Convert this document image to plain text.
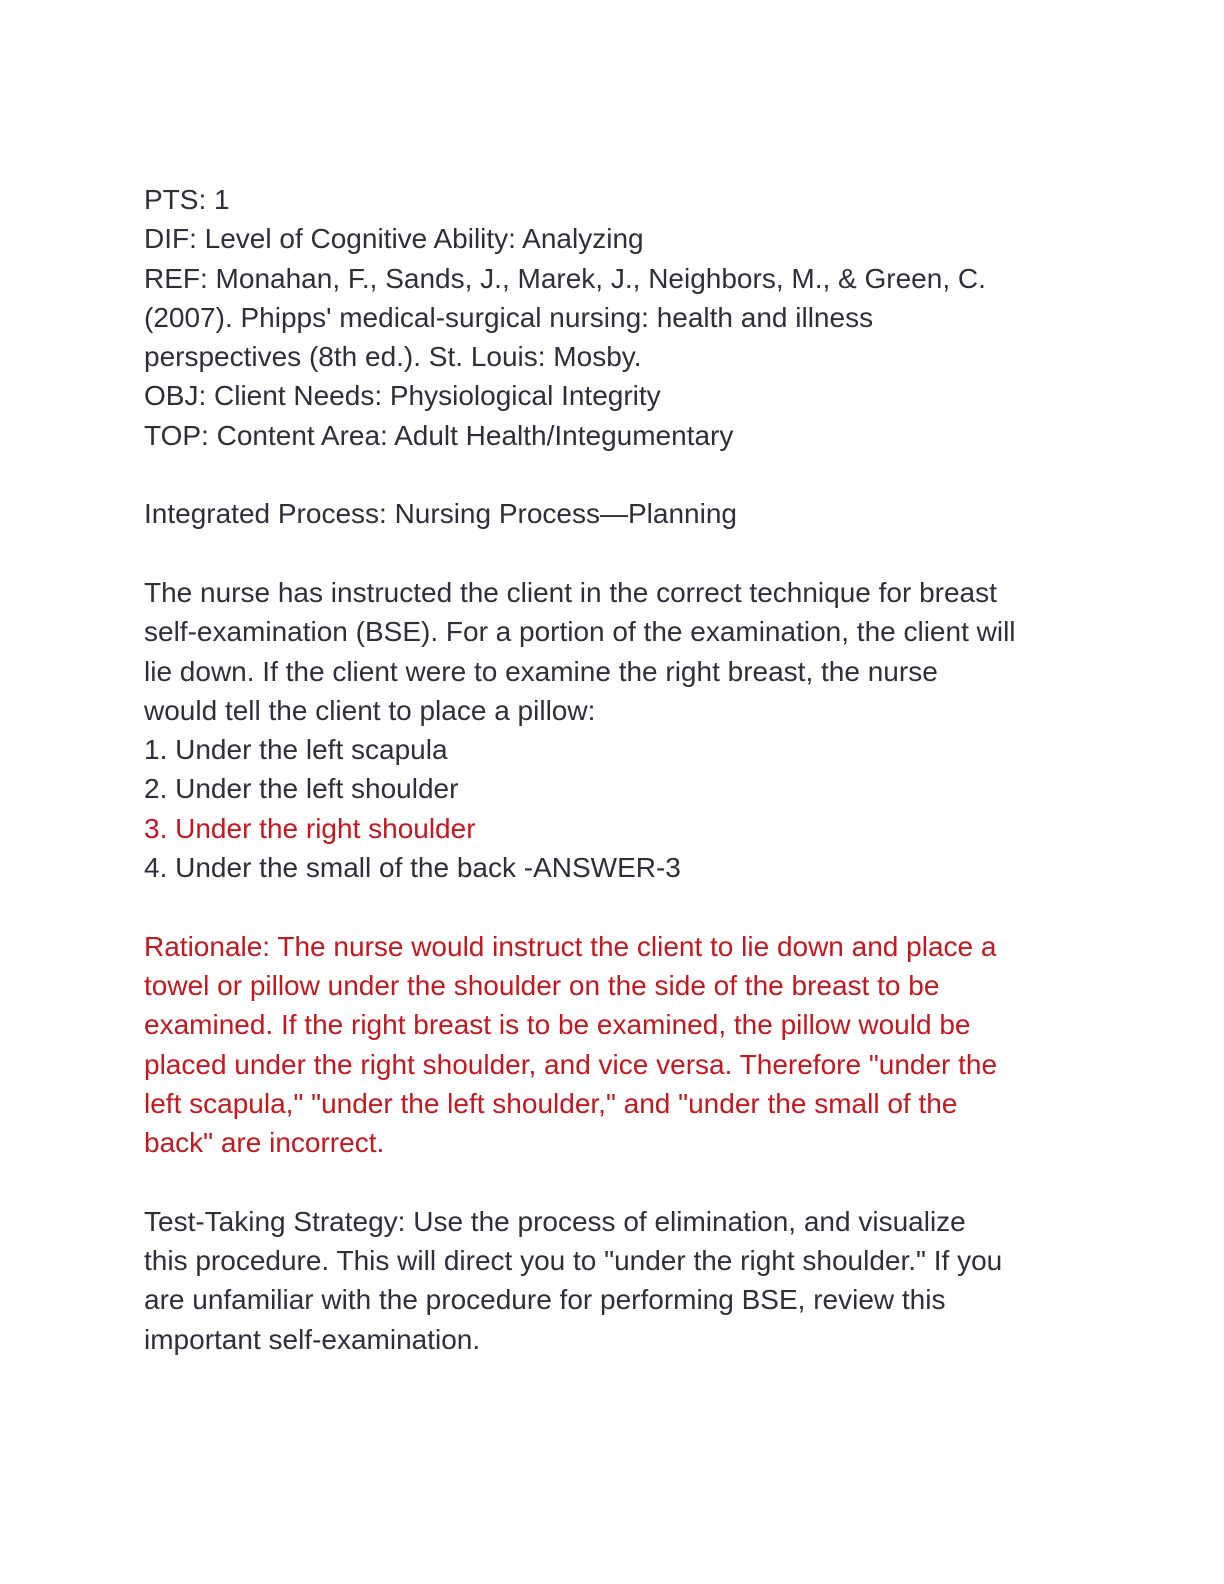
PTS: 1
DIF: Level of Cognitive Ability: Analyzing
REF: Monahan, F., Sands, J., Marek, J., Neighbors, M., & Green, C.
(2007). Phipps' medical-surgical nursing: health and illness
perspectives (8th ed.). St. Louis: Mosby.
OBJ: Client Needs: Physiological Integrity
TOP: Content Area: Adult Health/Integumentary
Integrated Process: Nursing Process—Planning
The nurse has instructed the client in the correct technique for breast
self-examination (BSE). For a portion of the examination, the client will
lie down. If the client were to examine the right breast, the nurse
would tell the client to place a pillow:
1. Under the left scapula
2. Under the left shoulder
3. Under the right shoulder
4. Under the small of the back -ANSWER-3
Rationale: The nurse would instruct the client to lie down and place a
towel or pillow under the shoulder on the side of the breast to be
examined. If the right breast is to be examined, the pillow would be
placed under the right shoulder, and vice versa. Therefore "under the
left scapula," "under the left shoulder," and "under the small of the
back" are incorrect.
Test-Taking Strategy: Use the process of elimination, and visualize
this procedure. This will direct you to "under the right shoulder." If you
are unfamiliar with the procedure for performing BSE, review this
important self-examination.
